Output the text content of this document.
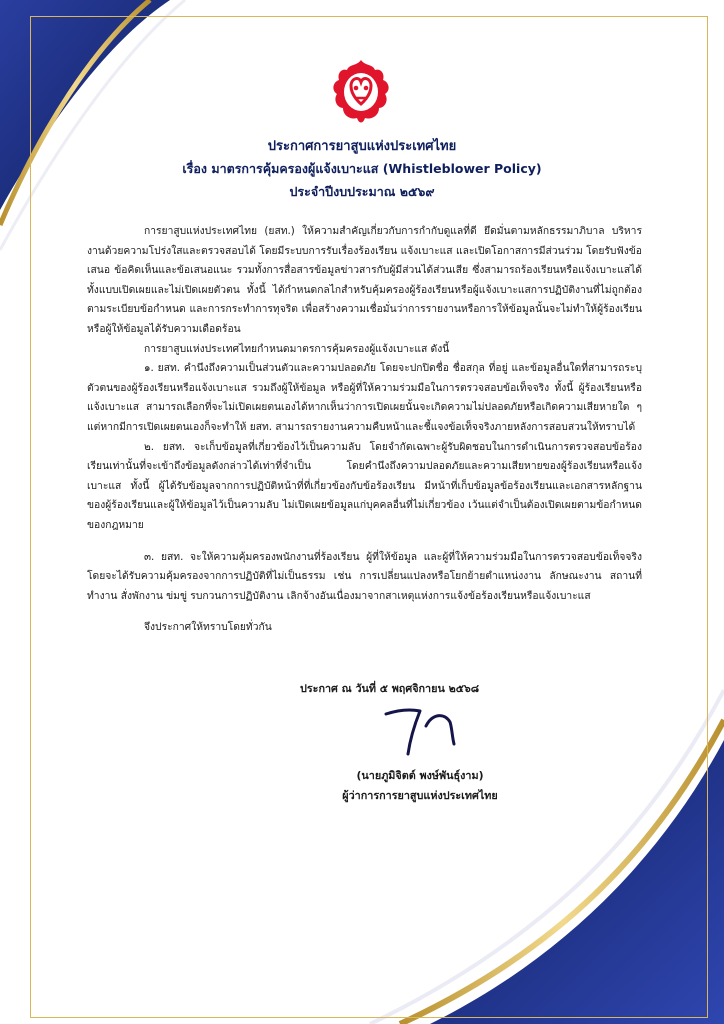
ประกาศการยาสูบแห่งประเทศไทย
เรื่อง มาตรการคุ้มครองผู้แจ้งเบาะแส (Whistleblower Policy)
ประจำปีงบประมาณ ๒๕๖๙

การยาสูบแห่งประเทศไทย (ยสท.) ให้ความสำคัญเกี่ยวกับการกำกับดูแลที่ดี ยึดมั่นตามหลักธรรมาภิบาล บริหารงานด้วยความโปร่งใสและตรวจสอบได้ โดยมีระบบการรับเรื่องร้องเรียน แจ้งเบาะแส และเปิดโอกาสการมีส่วนร่วม โดยรับฟังข้อเสนอ ข้อคิดเห็นและข้อเสนอแนะ รวมทั้งการสื่อสารข้อมูลข่าวสารกับผู้มีส่วนได้ส่วนเสีย ซึ่งสามารถร้องเรียนหรือแจ้งเบาะแสได้ทั้งแบบเปิดเผยและไม่เปิดเผยตัวตน ทั้งนี้ ได้กำหนดกลไกสำหรับคุ้มครองผู้ร้องเรียนหรือผู้แจ้งเบาะแสการปฏิบัติงานที่ไม่ถูกต้องตามระเบียบข้อกำหนด และการกระทำการทุจริต เพื่อสร้างความเชื่อมั่นว่าการรายงานหรือการให้ข้อมูลนั้นจะไม่ทำให้ผู้ร้องเรียนหรือผู้ให้ข้อมูลได้รับความเดือดร้อน

การยาสูบแห่งประเทศไทยกำหนดมาตรการคุ้มครองผู้แจ้งเบาะแส ดังนี้

๑. ยสท. คำนึงถึงความเป็นส่วนตัวและความปลอดภัย โดยจะปกปิดชื่อ ชื่อสกุล ที่อยู่ และข้อมูลอื่นใดที่สามารถระบุตัวตนของผู้ร้องเรียนหรือแจ้งเบาะแส รวมถึงผู้ให้ข้อมูล หรือผู้ที่ให้ความร่วมมือในการตรวจสอบข้อเท็จจริง ทั้งนี้ ผู้ร้องเรียนหรือแจ้งเบาะแส สามารถเลือกที่จะไม่เปิดเผยตนเองได้หากเห็นว่าการเปิดเผยนั้นจะเกิดความไม่ปลอดภัยหรือเกิดความเสียหายใด ๆ แต่หากมีการเปิดเผยตนเองก็จะทำให้ ยสท. สามารถรายงานความคืบหน้าและชี้แจงข้อเท็จจริงภายหลังการสอบสวนให้ทราบได้

๒. ยสท. จะเก็บข้อมูลที่เกี่ยวข้องไว้เป็นความลับ โดยจำกัดเฉพาะผู้รับผิดชอบในการดำเนินการตรวจสอบข้อร้องเรียนเท่านั้นที่จะเข้าถึงข้อมูลดังกล่าวได้เท่าที่จำเป็น โดยคำนึงถึงความปลอดภัยและความเสียหายของผู้ร้องเรียนหรือแจ้งเบาะแส ทั้งนี้ ผู้ได้รับข้อมูลจากการปฏิบัติหน้าที่ที่เกี่ยวข้องกับข้อร้องเรียน มีหน้าที่เก็บข้อมูลข้อร้องเรียนและเอกสารหลักฐานของผู้ร้องเรียนและผู้ให้ข้อมูลไว้เป็นความลับ ไม่เปิดเผยข้อมูลแก่บุคคลอื่นที่ไม่เกี่ยวข้อง เว้นแต่จำเป็นต้องเปิดเผยตามข้อกำหนดของกฎหมาย

๓. ยสท. จะให้ความคุ้มครองพนักงานที่ร้องเรียน ผู้ที่ให้ข้อมูล และผู้ที่ให้ความร่วมมือในการตรวจสอบข้อเท็จจริง โดยจะได้รับความคุ้มครองจากการปฏิบัติที่ไม่เป็นธรรม เช่น การเปลี่ยนแปลงหรือโยกย้ายตำแหน่งงาน ลักษณะงาน สถานที่ทำงาน สั่งพักงาน ข่มขู่ รบกวนการปฏิบัติงาน เลิกจ้างอันเนื่องมาจากสาเหตุแห่งการแจ้งข้อร้องเรียนหรือแจ้งเบาะแส

จึงประกาศให้ทราบโดยทั่วกัน

ประกาศ ณ วันที่ ๕ พฤศจิกายน ๒๕๖๘
(นายภูมิจิตต์ พงษ์พันธุ์งาม)
ผู้ว่าการการยาสูบแห่งประเทศไทย
